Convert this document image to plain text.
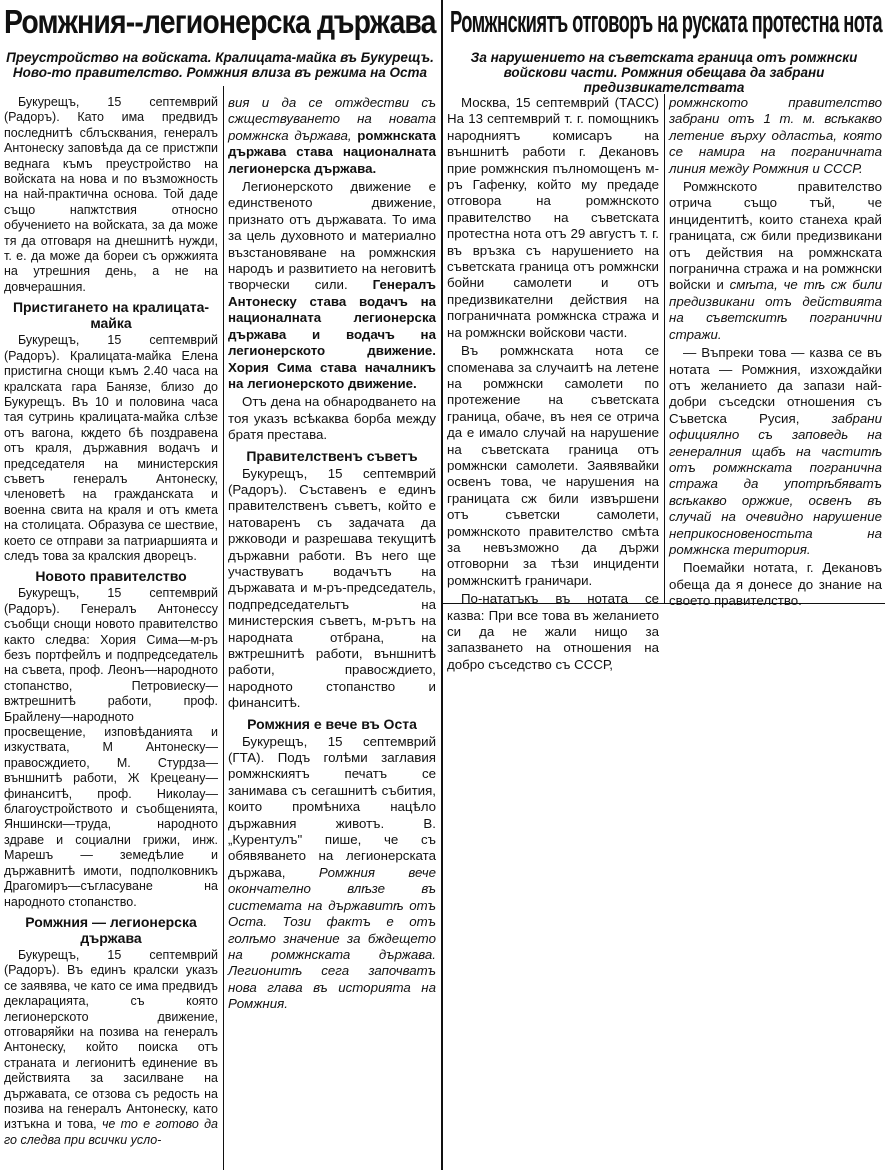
Ромжния--легионерска държава

Преустройство на войската. Кралицата-майка въ Букурещъ. Ново-то правителство. Ромжния влиза въ режима на Оста

Букурещъ, 15 септемврий (Радоръ). Като има предвидъ последнитѣ сблъсквания, генералъ Антонеску заповѣда да се пристжпи веднага къмъ преустройство на войската на нова и по възможность на най-практична основа. Той даде също напжтствия относно обучението на войската, за да може тя да отговаря на днешнитѣ нужди, т. е. да може да бореи съ оржжията на утрешния день, а не на довчерашния.

Пристигането на кралицата-майка

Букурещъ, 15 септемврий (Радоръ). Кралицата-майка Елена пристигна снощи къмъ 2.40 часа на кралската гара Банязе, близо до Букурещъ. Въ 10 и половина часа тая сутринь кралицата-майка слѣзе отъ вагона, кждето бѣ поздравена отъ краля, държавния водачъ и председателя на министерския съветъ генералъ Антонеску, членоветѣ на гражданската и военна свита на краля и отъ кмета на столицата. Образува се шествие, което се отправи за патриаршията и следъ това за кралския дворецъ.

Новото правителство

Букурещъ, 15 септемврий (Радоръ). Генералъ Антонессу съобщи снощи новото правителство както следва: Хория Сима—м-ръ безъ портфейлъ и подпредседатель на съвета, проф. Леонъ—народното стопанство, Петровиеску—вжтрешнитѣ работи, проф. Брайлену—народното просвещение, изповѣданията и изкуствата, М Антонеску—правосждието, М. Стурдза—външнитѣ работи, Ж Крецеану—финанситѣ, проф. Николау—благоустройството и съобщенията, Яншински—труда, народното здраве и социални грижи, инж. Марешъ — земедѣлие и държавнитѣ имоти, подполковникъ Драгомиръ—съгласуване на народното стопанство.

Ромжния — легионерска държава

Букурещъ, 15 септемврий (Радоръ). Въ единъ кралски указъ се заявява, че като се има предвидъ декларацията, съ която легионерското движение, отговаряйки на позива на генералъ Антонеску, който поиска отъ страната и легионитѣ единение въ действията за засилване на държавата, се отзова съ редость на позива на генералъ Антонеску, като изтъкна и това, че то е готово да го следва при всички усло-

вия и да се отждестви съ сжществуването на новата ромжнска държава, ромжнската държава става националната легионерска държава.

Легионерското движение е единственото движение, признато отъ държавата. То има за цель духовното и материално възстановяване на ромжнския народъ и развитието на неговитѣ творчески сили. Генералъ Антонеску става водачъ на националната легионерска държава и водачъ на легионерското движение. Хория Сима става началникъ на легионерското движение.

Отъ дена на обнародването на тоя указъ всѣкаква борба между братя престава.

Правителственъ съветъ

Букурещъ, 15 септемврий (Радоръ). Съставенъ е единъ правителственъ съветъ, който е натоваренъ съ задачата да ржководи и разрешава текущитѣ държавни работи. Въ него ще участвуватъ водачътъ на държавата и м-ръ-председатель, подпредседательтъ на министерския съветъ, м-рътъ на народната отбрана, на вжтрешнитѣ работи, външнитѣ работи, правосждието, народното стопанство и финанситѣ.

Ромжния е вече въ Оста

Букурещъ, 15 септемврий (ГТА). Подъ голѣми заглавия ромжнскиятъ печатъ се занимава съ сегашнитѣ събития, които промѣниха нацѣло държавния животъ. В. „Курентулъ" пише, че съ обявяването на легионерската държава,	Ромжния вече окончателно влѣзе въ системата на държавитѣ отъ Оста. Този фактъ е отъ голѣмо значение за бждещето на ромжнската държава. Легионитѣ сега започватъ нова глава въ историята на Ромжния.

Ромжнскиятъ отговоръ на руската протестна нота

За нарушението на съветската граница отъ ромжнски войскови части. Ромжния обещава да забрани предизвикателствата

Москва, 15 септемврий (ТАСС) На 13 септемврий т. г. помощникъ народниятъ комисаръ на външнитѣ работи г. Декановъ прие ромжнския пълномощенъ м-ръ Гафенку, който му предаде отговора на ромжнското правителство на съветската протестна нота отъ 29 августъ т. г. въ връзка съ нарушението на съветската граница отъ ромжнски бойни самолети и отъ предизвикателни действия на пограничната ромжнска стража и на ромжнски войскови части.

Въ ромжнската нота се споменава за случаитѣ на летене на ромжнски самолети по протежение на съветската граница, обаче, въ нея се отрича да е имало случай на нарушение на съветската граница отъ ромжнски самолети. Заявявайки освенъ това, че нарушения на границата сж били извършени отъ съветски самолети, ромжнското правителство смѣта за невъзможно да държи отговорни за тѣзи инциденти ромжнскитѣ граничари.

По-нататъкъ въ нотата се казва: При все това въ желанието си да не жали нищо за запазването на отношения на добро съседство съ СССР,

ромжнското правителство забрани отъ 1 т. м. всѣкакво летение върху одластьа, която се намира на пограничната линия между Ромжния и СССР.

Ромжнското правителство отрича също тъй, че инцидентитѣ, които станеха край границата, сж били предизвикани отъ действия на ромжнската погранична стража и на ромжнски войски и смѣта, че тѣ сж били предизвикани отъ действията на съветскитѣ погранични стражи.

— Въпреки това — казва се въ нотата — Ромжния, изхождайки отъ желанието да запази най-добри съседски отношения съ Съветска Русия, забрани официялно съ заповедь на генералния щабъ на частитѣ отъ ромжнската погранична стража да употрѣбяватъ всѣкакво оржжие, освенъ въ случай на очевидно нарушение неприкосновеностьта на ромжнска територия.

Поемайки нотата, г. Декановъ обеща да я донесе до знание на своето правителство.
